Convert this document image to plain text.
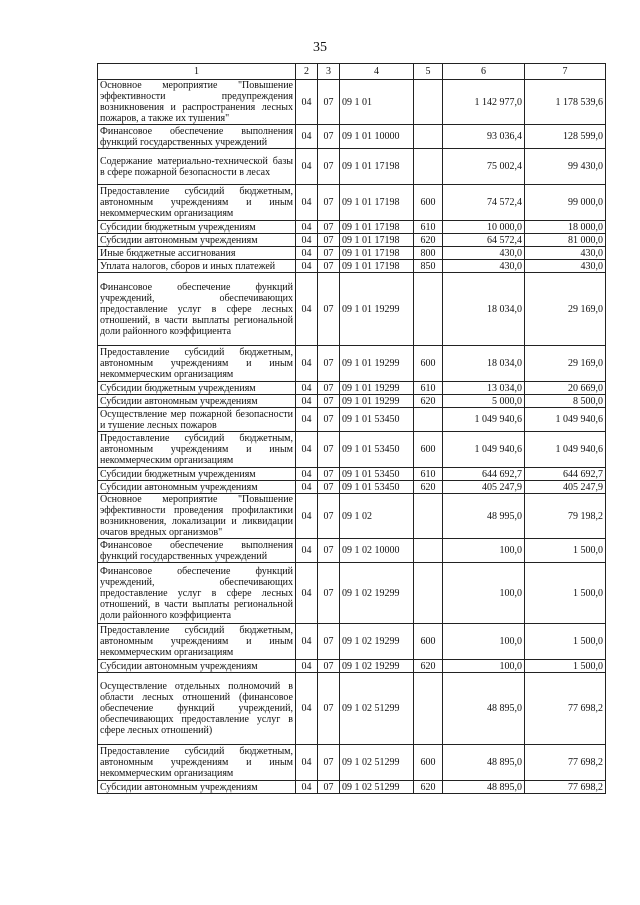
35
1	2	3	4	5	6	7
Основное мероприятие "Повышение эффективности предупреждения возникновения и распространения лесных пожаров, а также их тушения"	04	07	09 1 01		1 142 977,0	1 178 539,6
Финансовое обеспечение выполнения функций государственных учреждений	04	07	09 1 01 10000		93 036,4	128 599,0
Содержание материально-технической базы в сфере пожарной безопасности в лесах	04	07	09 1 01 17198		75 002,4	99 430,0
Предоставление субсидий бюджетным, автономным учреждениям и иным некоммерческим организациям	04	07	09 1 01 17198	600	74 572,4	99 000,0
Субсидии бюджетным учреждениям	04	07	09 1 01 17198	610	10 000,0	18 000,0
Субсидии автономным учреждениям	04	07	09 1 01 17198	620	64 572,4	81 000,0
Иные бюджетные ассигнования	04	07	09 1 01 17198	800	430,0	430,0
Уплата налогов, сборов и иных платежей	04	07	09 1 01 17198	850	430,0	430,0
Финансовое обеспечение функций учреждений, обеспечивающих предоставление услуг в сфере лесных отношений, в части выплаты региональной доли районного коэффициента	04	07	09 1 01 19299		18 034,0	29 169,0
Предоставление субсидий бюджетным, автономным учреждениям и иным некоммерческим организациям	04	07	09 1 01 19299	600	18 034,0	29 169,0
Субсидии бюджетным учреждениям	04	07	09 1 01 19299	610	13 034,0	20 669,0
Субсидии автономным учреждениям	04	07	09 1 01 19299	620	5 000,0	8 500,0
Осуществление мер пожарной безопасности и тушение лесных пожаров	04	07	09 1 01 53450		1 049 940,6	1 049 940,6
Предоставление субсидий бюджетным, автономным учреждениям и иным некоммерческим организациям	04	07	09 1 01 53450	600	1 049 940,6	1 049 940,6
Субсидии бюджетным учреждениям	04	07	09 1 01 53450	610	644 692,7	644 692,7
Субсидии автономным учреждениям	04	07	09 1 01 53450	620	405 247,9	405 247,9
Основное мероприятие "Повышение эффективности проведения профилактики возникновения, локализации и ликвидации очагов вредных организмов"	04	07	09 1 02		48 995,0	79 198,2
Финансовое обеспечение выполнения функций государственных учреждений	04	07	09 1 02 10000		100,0	1 500,0
Финансовое обеспечение функций учреждений, обеспечивающих предоставление услуг в сфере лесных отношений, в части выплаты региональной доли районного коэффициента	04	07	09 1 02 19299		100,0	1 500,0
Предоставление субсидий бюджетным, автономным учреждениям и иным некоммерческим организациям	04	07	09 1 02 19299	600	100,0	1 500,0
Субсидии автономным учреждениям	04	07	09 1 02 19299	620	100,0	1 500,0
Осуществление отдельных полномочий в области лесных отношений (финансовое обеспечение функций учреждений, обеспечивающих предоставление услуг в сфере лесных отношений)	04	07	09 1 02 51299		48 895,0	77 698,2
Предоставление субсидий бюджетным, автономным учреждениям и иным некоммерческим организациям	04	07	09 1 02 51299	600	48 895,0	77 698,2
Субсидии автономным учреждениям	04	07	09 1 02 51299	620	48 895,0	77 698,2
